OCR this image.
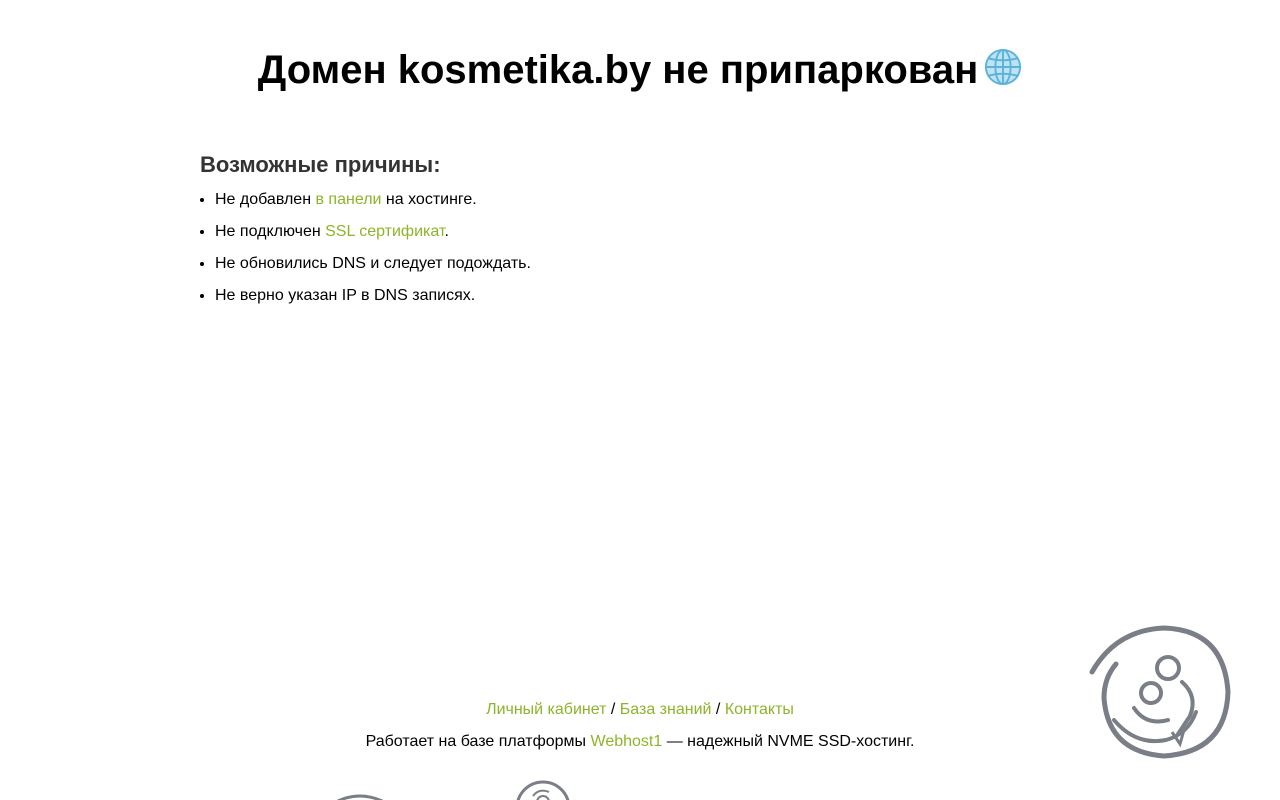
Домен kosmetika.by не припаркован
Возможные причины:
• Не добавлен в панели на хостинге.
• Не подключен SSL сертификат.
• Не обновились DNS и следует подождать.
• Не верно указан IP в DNS записях.
Личный кабинет / База знаний / Контакты
Работает на базе платформы Webhost1 — надежный NVME SSD-хостинг.
